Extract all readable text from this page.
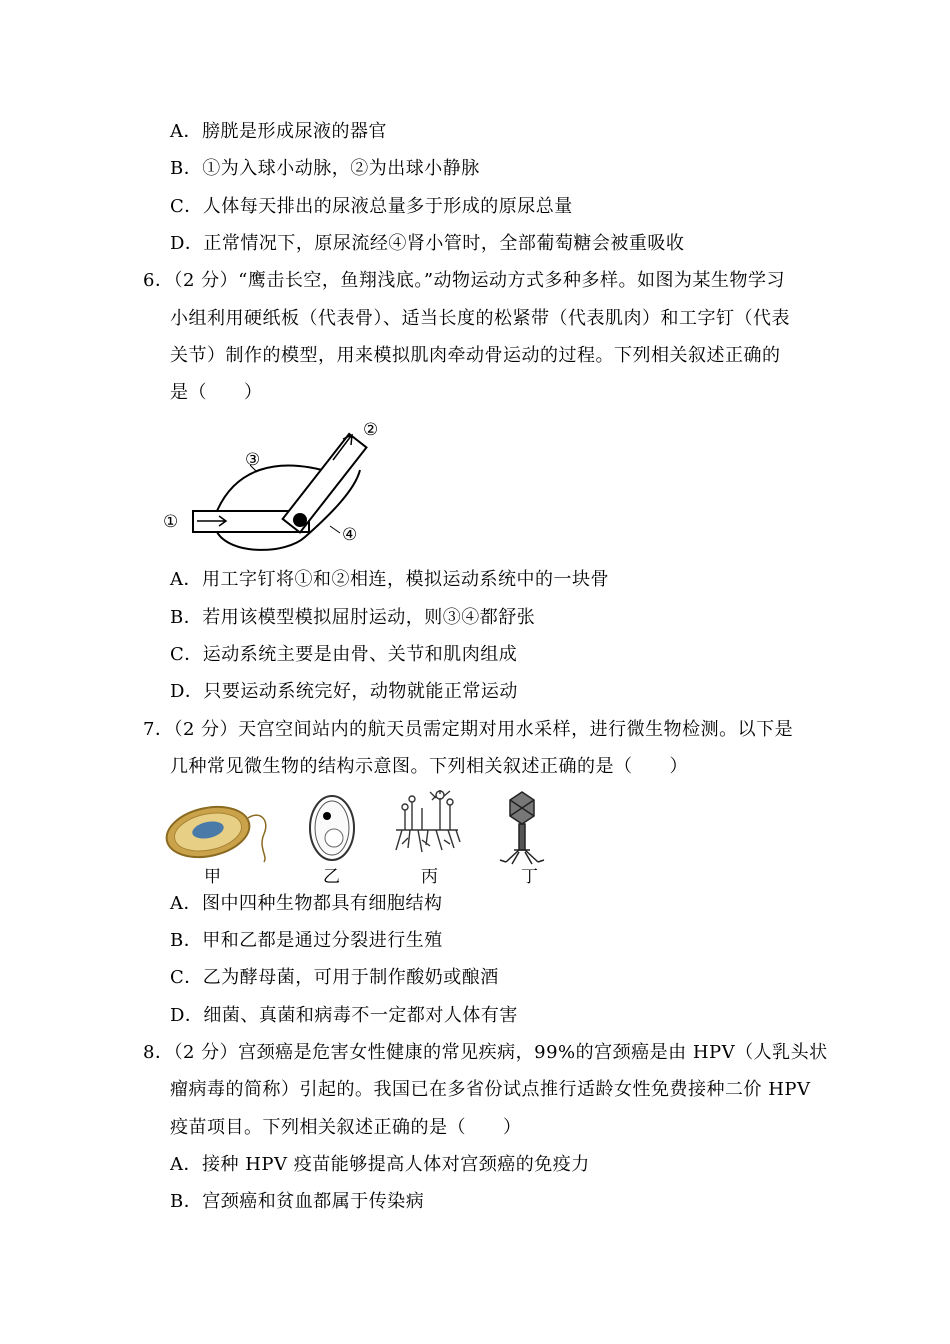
A．膀胱是形成尿液的器官
B．①为入球小动脉，②为出球小静脉
C．人体每天排出的尿液总量多于形成的原尿总量
D．正常情况下，原尿流经④肾小管时，全部葡萄糖会被重吸收
6．（2 分）“鹰击长空，鱼翔浅底。”动物运动方式多种多样。如图为某生物学习
小组利用硬纸板（代表骨）、适当长度的松紧带（代表肌肉）和工字钉（代表
关节）制作的模型，用来模拟肌肉牵动骨运动的过程。下列相关叙述正确的
是（　　）
①
②
③
④
A．用工字钉将①和②相连，模拟运动系统中的一块骨
B．若用该模型模拟屈肘运动，则③④都舒张
C．运动系统主要是由骨、关节和肌肉组成
D．只要运动系统完好，动物就能正常运动
7．（2 分）天宫空间站内的航天员需定期对用水采样，进行微生物检测。以下是
几种常见微生物的结构示意图。下列相关叙述正确的是（　　）
甲	乙	丙	丁
A．图中四种生物都具有细胞结构
B．甲和乙都是通过分裂进行生殖
C．乙为酵母菌，可用于制作酸奶或酿酒
D．细菌、真菌和病毒不一定都对人体有害
8．（2 分）宫颈癌是危害女性健康的常见疾病，99%的宫颈癌是由 HPV（人乳头状
瘤病毒的简称）引起的。我国已在多省份试点推行适龄女性免费接种二价 HPV
疫苗项目。下列相关叙述正确的是（　　）
A．接种 HPV 疫苗能够提高人体对宫颈癌的免疫力
B．宫颈癌和贫血都属于传染病
